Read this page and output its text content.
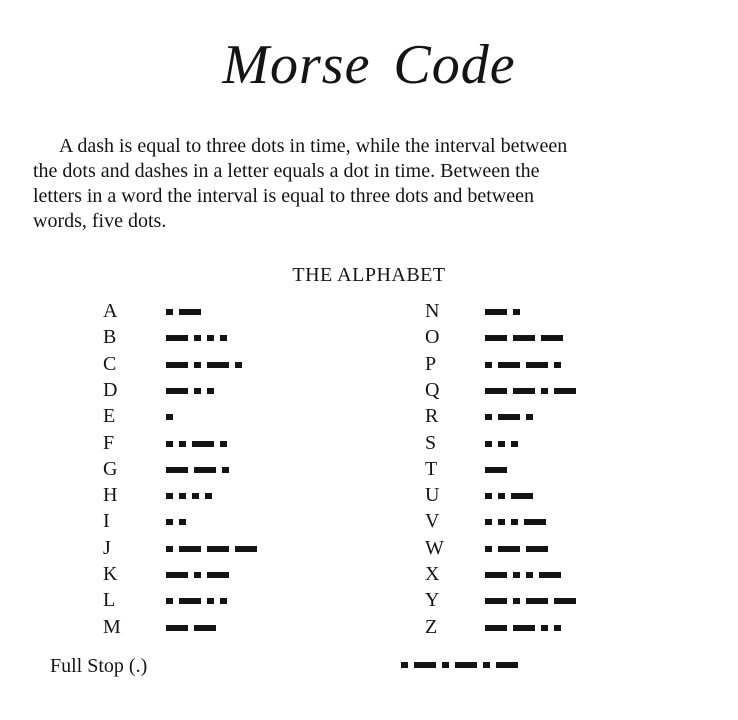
Morse Code
A dash is equal to three dots in time, while the interval between
the dots and dashes in a letter equals a dot in time. Between the
letters in a word the interval is equal to three dots and between
words, five dots.
THE ALPHABET
A
B
C
D
E
F
G
H
I
J
K
L
M
N
O
P
Q
R
S
T
U
V
W
X
Y
Z
Full Stop (.)
